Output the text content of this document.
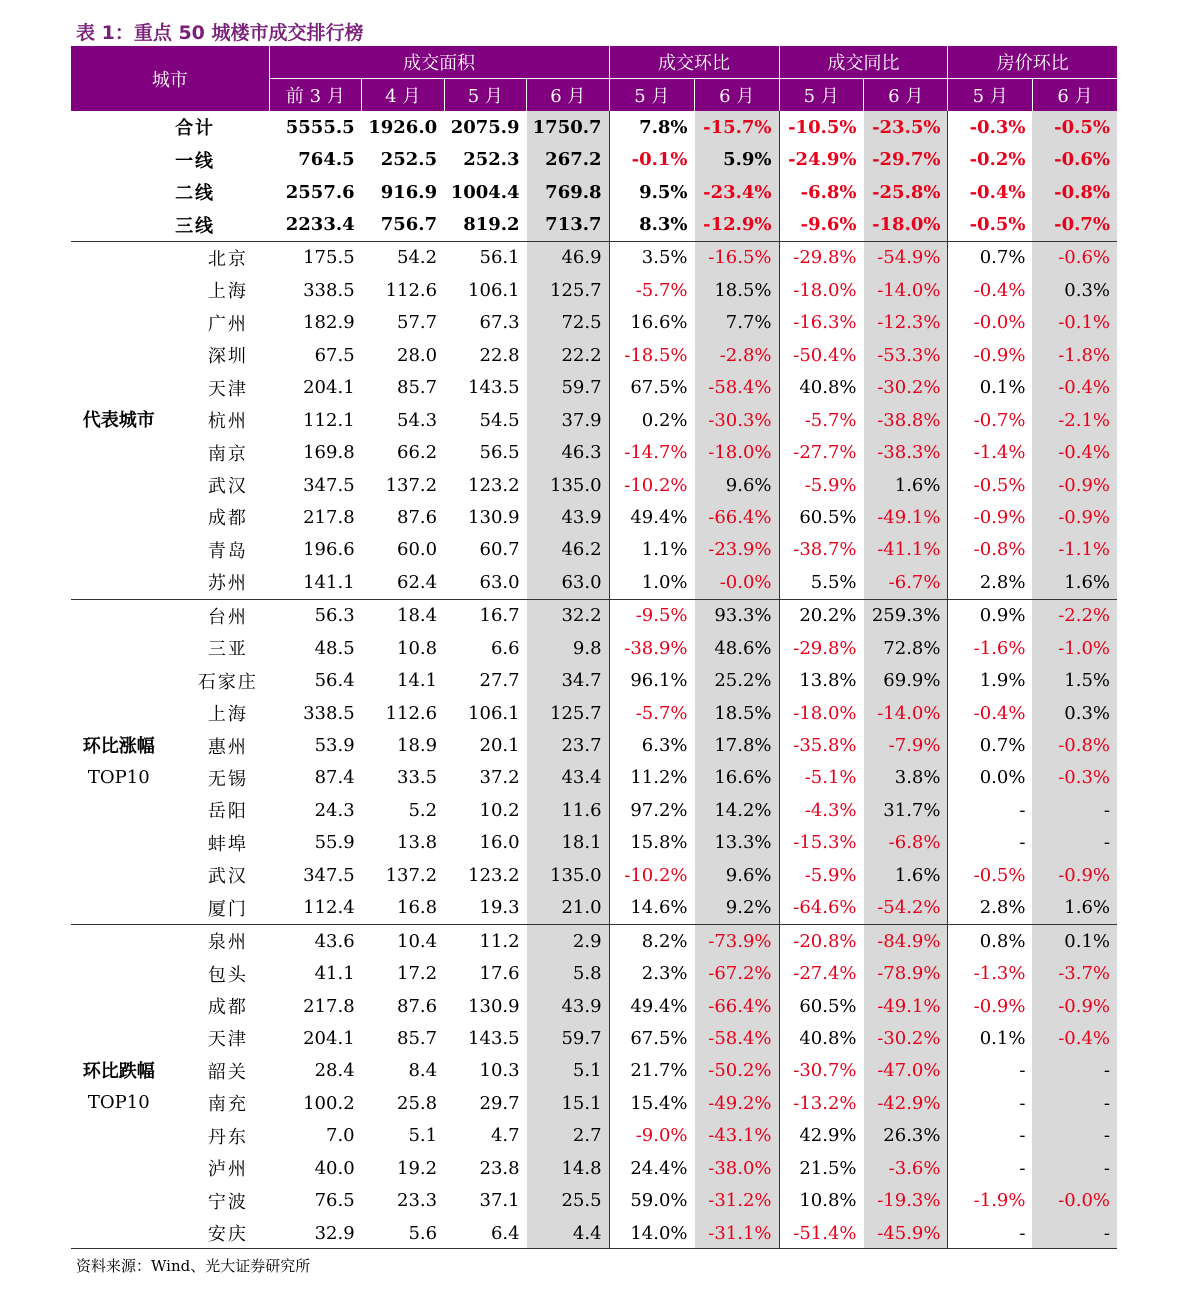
表 1：重点 50 城楼市成交排行榜
城市		成交面积				成交环比		成交同比		房价环比	
		前 3 月	4 月	5 月	6 月	5 月	6 月	5 月	6 月	5 月	6 月
合计		5555.5	1926.0	2075.9	1750.7	7.8%	-15.7%	-10.5%	-23.5%	-0.3%	-0.5%
一线		764.5	252.5	252.3	267.2	-0.1%	5.9%	-24.9%	-29.7%	-0.2%	-0.6%
二线		2557.6	916.9	1004.4	769.8	9.5%	-23.4%	-6.8%	-25.8%	-0.4%	-0.8%
三线		2233.4	756.7	819.2	713.7	8.3%	-12.9%	-9.6%	-18.0%	-0.5%	-0.7%

代表城市	北京	175.5	54.2	56.1	46.9	3.5%	-16.5%	-29.8%	-54.9%	0.7%	-0.6%
	上海	338.5	112.6	106.1	125.7	-5.7%	18.5%	-18.0%	-14.0%	-0.4%	0.3%
	广州	182.9	57.7	67.3	72.5	16.6%	7.7%	-16.3%	-12.3%	-0.0%	-0.1%
	深圳	67.5	28.0	22.8	22.2	-18.5%	-2.8%	-50.4%	-53.3%	-0.9%	-1.8%
	天津	204.1	85.7	143.5	59.7	67.5%	-58.4%	40.8%	-30.2%	0.1%	-0.4%
	杭州	112.1	54.3	54.5	37.9	0.2%	-30.3%	-5.7%	-38.8%	-0.7%	-2.1%
	南京	169.8	66.2	56.5	46.3	-14.7%	-18.0%	-27.7%	-38.3%	-1.4%	-0.4%
	武汉	347.5	137.2	123.2	135.0	-10.2%	9.6%	-5.9%	1.6%	-0.5%	-0.9%
	成都	217.8	87.6	130.9	43.9	49.4%	-66.4%	60.5%	-49.1%	-0.9%	-0.9%
	青岛	196.6	60.0	60.7	46.2	1.1%	-23.9%	-38.7%	-41.1%	-0.8%	-1.1%
	苏州	141.1	62.4	63.0	63.0	1.0%	-0.0%	5.5%	-6.7%	2.8%	1.6%

环比涨幅
TOP10	台州	56.3	18.4	16.7	32.2	-9.5%	93.3%	20.2%	259.3%	0.9%	-2.2%
	三亚	48.5	10.8	6.6	9.8	-38.9%	48.6%	-29.8%	72.8%	-1.6%	-1.0%
	石家庄	56.4	14.1	27.7	34.7	96.1%	25.2%	13.8%	69.9%	1.9%	1.5%
	上海	338.5	112.6	106.1	125.7	-5.7%	18.5%	-18.0%	-14.0%	-0.4%	0.3%
	惠州	53.9	18.9	20.1	23.7	6.3%	17.8%	-35.8%	-7.9%	0.7%	-0.8%
	无锡	87.4	33.5	37.2	43.4	11.2%	16.6%	-5.1%	3.8%	0.0%	-0.3%
	岳阳	24.3	5.2	10.2	11.6	97.2%	14.2%	-4.3%	31.7%	-	-
	蚌埠	55.9	13.8	16.0	18.1	15.8%	13.3%	-15.3%	-6.8%	-	-
	武汉	347.5	137.2	123.2	135.0	-10.2%	9.6%	-5.9%	1.6%	-0.5%	-0.9%
	厦门	112.4	16.8	19.3	21.0	14.6%	9.2%	-64.6%	-54.2%	2.8%	1.6%

环比跌幅
TOP10	泉州	43.6	10.4	11.2	2.9	8.2%	-73.9%	-20.8%	-84.9%	0.8%	0.1%
	包头	41.1	17.2	17.6	5.8	2.3%	-67.2%	-27.4%	-78.9%	-1.3%	-3.7%
	成都	217.8	87.6	130.9	43.9	49.4%	-66.4%	60.5%	-49.1%	-0.9%	-0.9%
	天津	204.1	85.7	143.5	59.7	67.5%	-58.4%	40.8%	-30.2%	0.1%	-0.4%
	韶关	28.4	8.4	10.3	5.1	21.7%	-50.2%	-30.7%	-47.0%	-	-
	南充	100.2	25.8	29.7	15.1	15.4%	-49.2%	-13.2%	-42.9%	-	-
	丹东	7.0	5.1	4.7	2.7	-9.0%	-43.1%	42.9%	26.3%	-	-
	泸州	40.0	19.2	23.8	14.8	24.4%	-38.0%	21.5%	-3.6%	-	-
	宁波	76.5	23.3	37.1	25.5	59.0%	-31.2%	10.8%	-19.3%	-1.9%	-0.0%
	安庆	32.9	5.6	6.4	4.4	14.0%	-31.1%	-51.4%	-45.9%	-	-
资料来源：Wind、光大证券研究所
